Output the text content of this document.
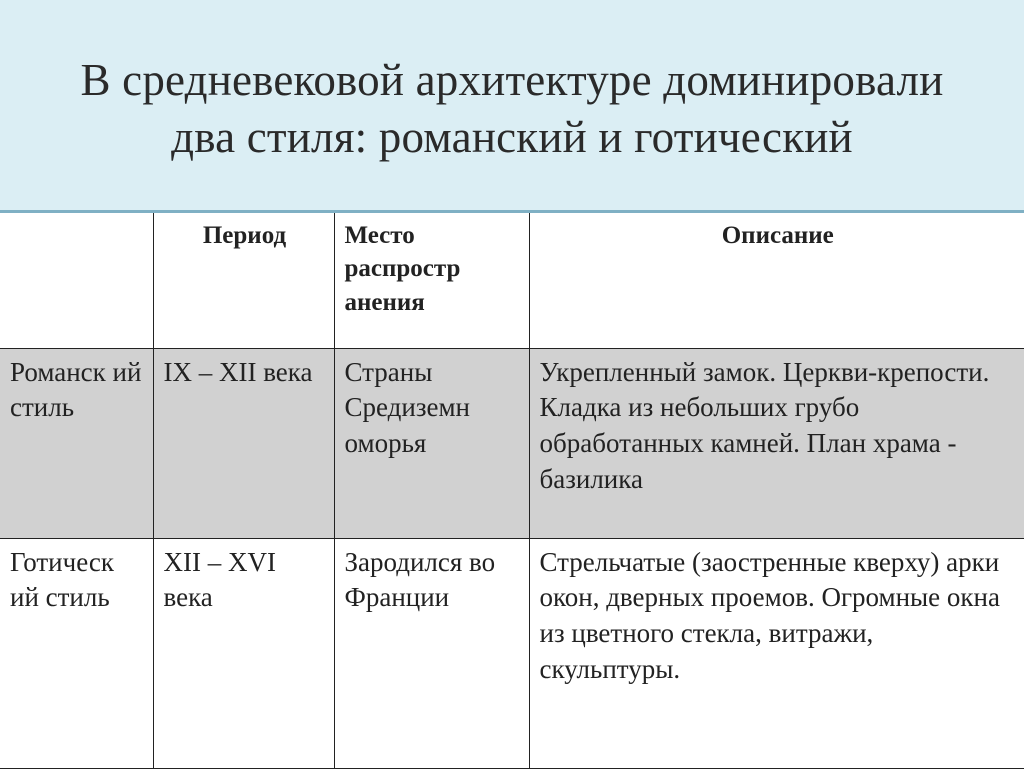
В средневековой архитектуре доминировали
два стиля: романский и готический
	Период	Место распростр анения	Описание
Романск ий стиль	IX – XII века	Страны Средиземн оморья	Укрепленный замок. Церкви-крепости. Кладка из небольших грубо обработанных камней. План храма - базилика
Готическ ий стиль	XII – XVI века	Зародился во Франции	Стрельчатые (заостренные кверху) арки окон, дверных проемов. Огромные окна из цветного стекла, витражи, скульптуры.
